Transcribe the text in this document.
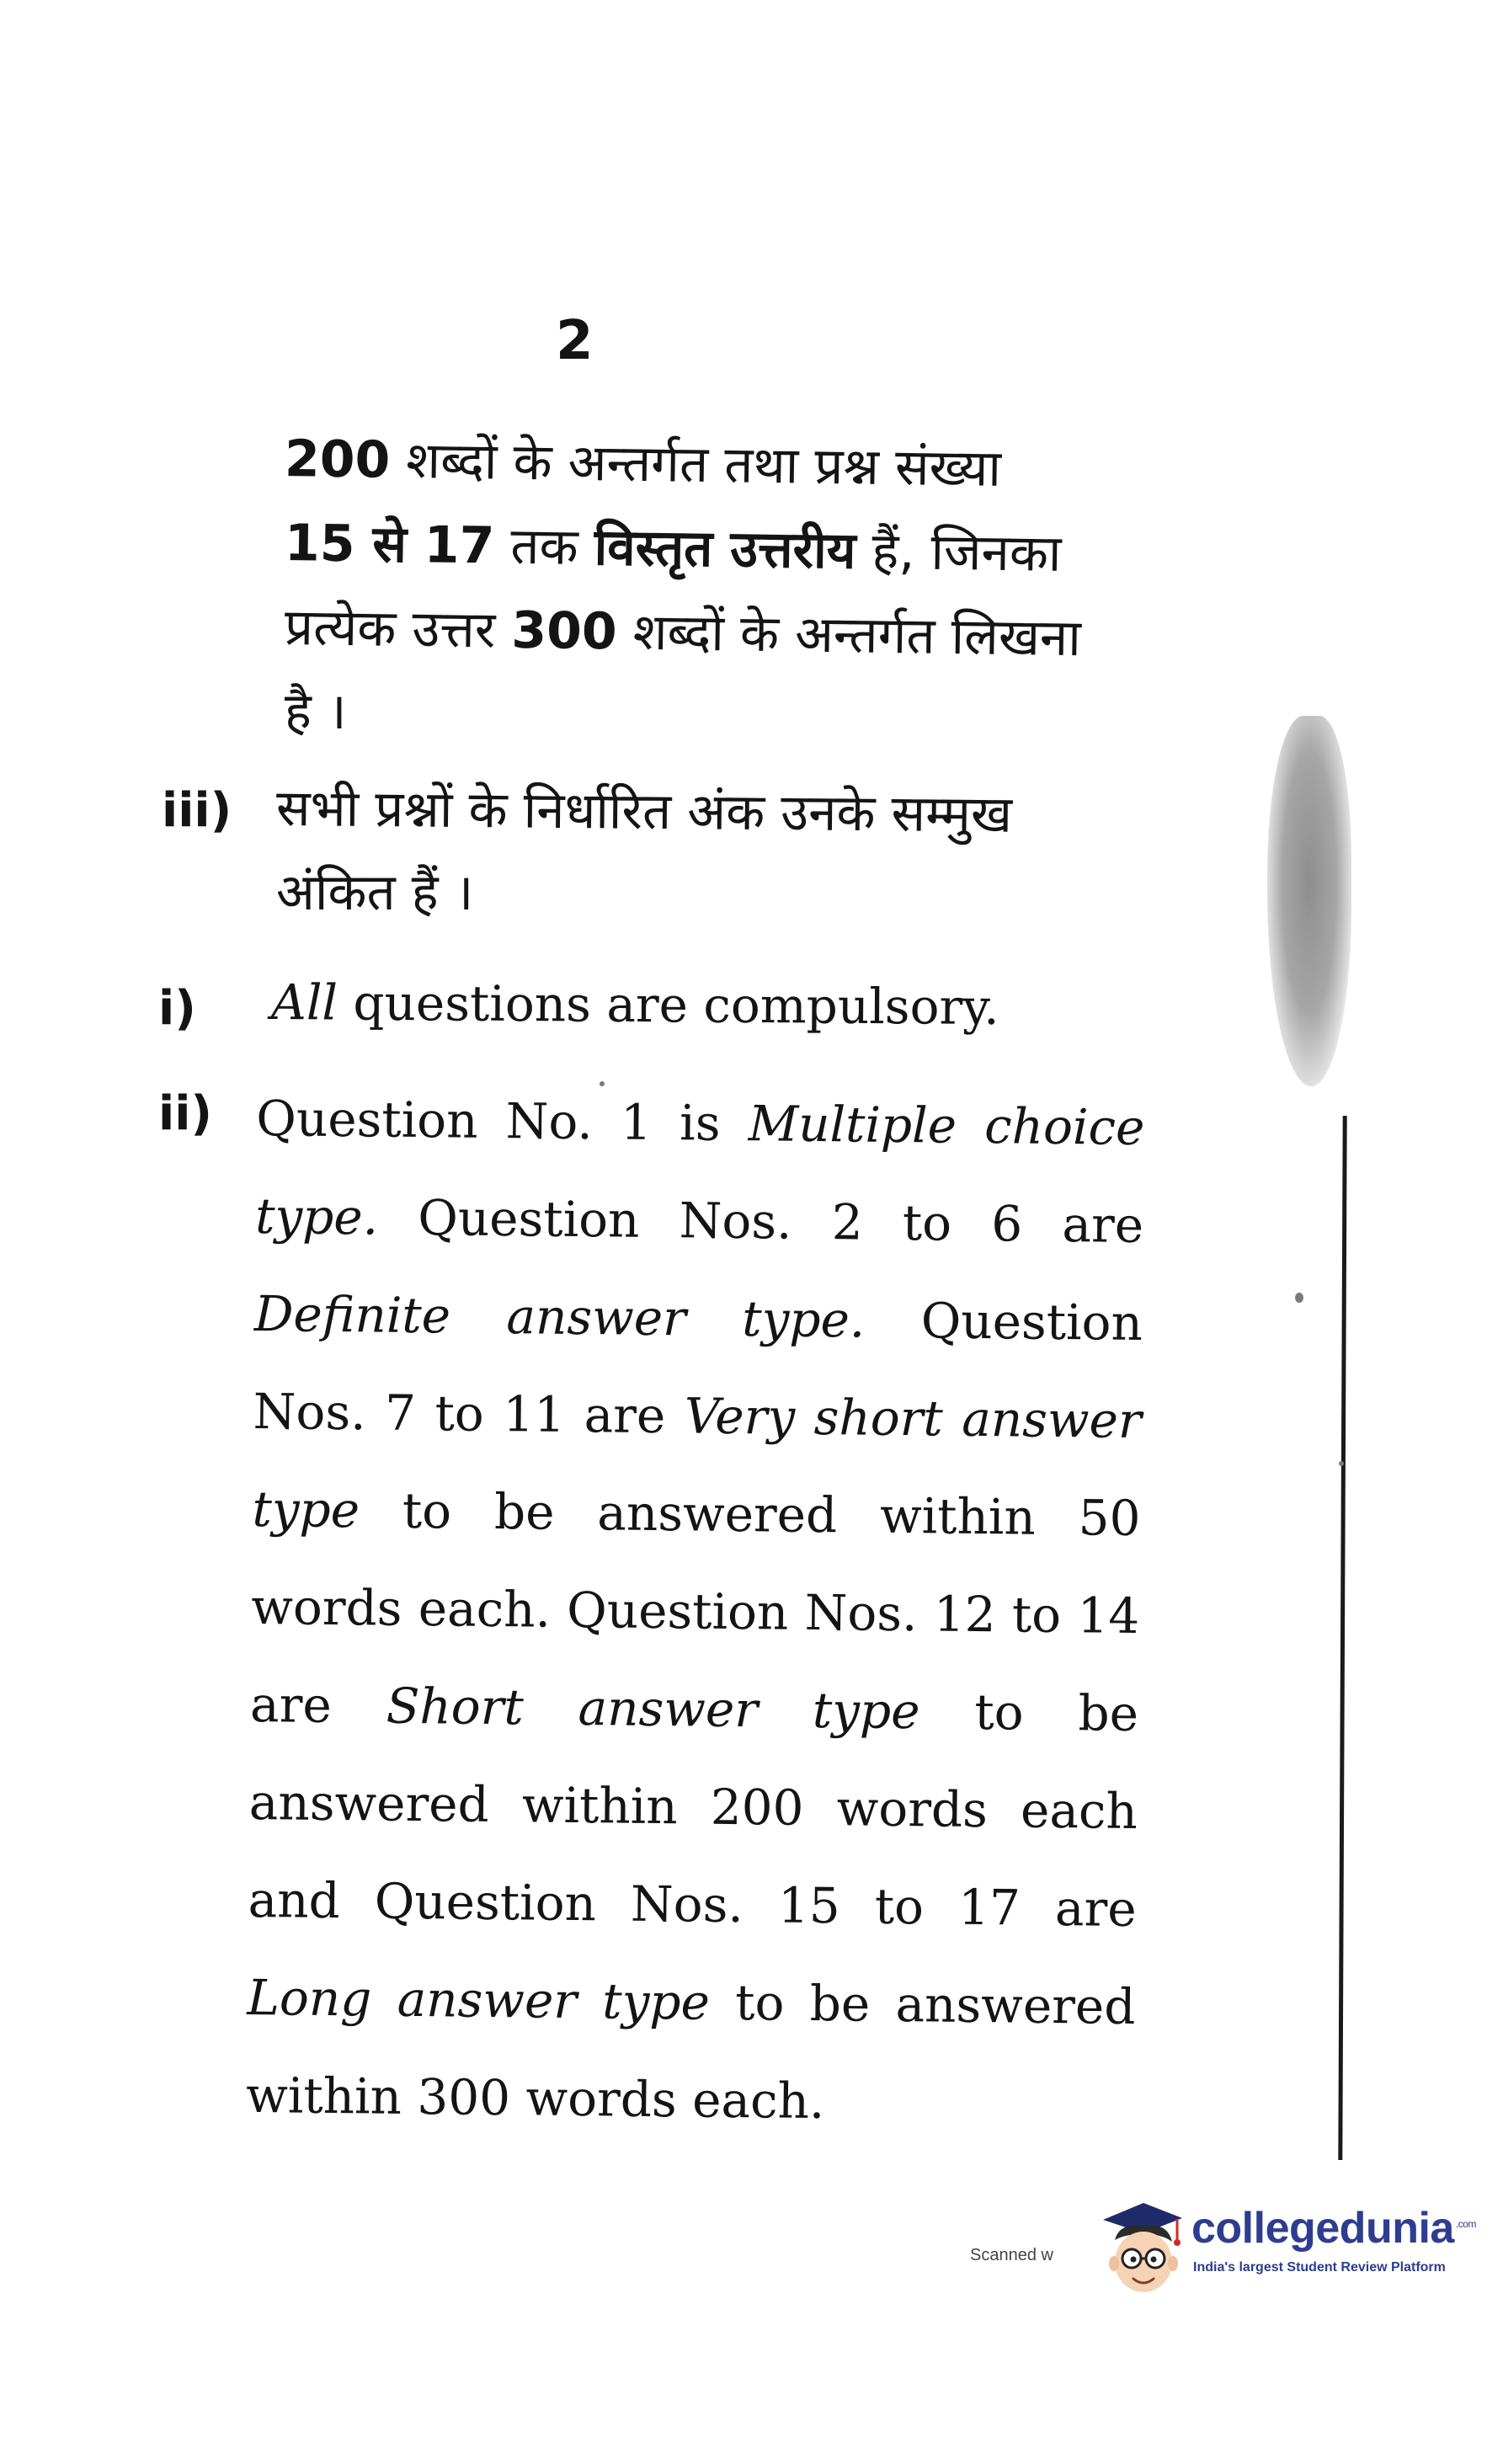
2
200 शब्दों के अन्तर्गत तथा प्रश्न संख्या
15 से 17 तक विस्तृत उत्तरीय हैं, जिनका
प्रत्येक उत्तर 300 शब्दों के अन्तर्गत लिखना
है ।
iii) सभी प्रश्नों के निर्धारित अंक उनके सम्मुख
अंकित हैं ।
i) All questions are compulsory.
ii) Question No. 1 is Multiple choice type. Question Nos. 2 to 6 are Definite answer type. Question Nos. 7 to 11 are Very short answer type to be answered within 50 words each. Question Nos. 12 to 14 are Short answer type to be answered within 200 words each and Question Nos. 15 to 17 are Long answer type to be answered within 300 words each.
Scanned w
collegedunia $^{.com}$
India's largest Student Review Platform
